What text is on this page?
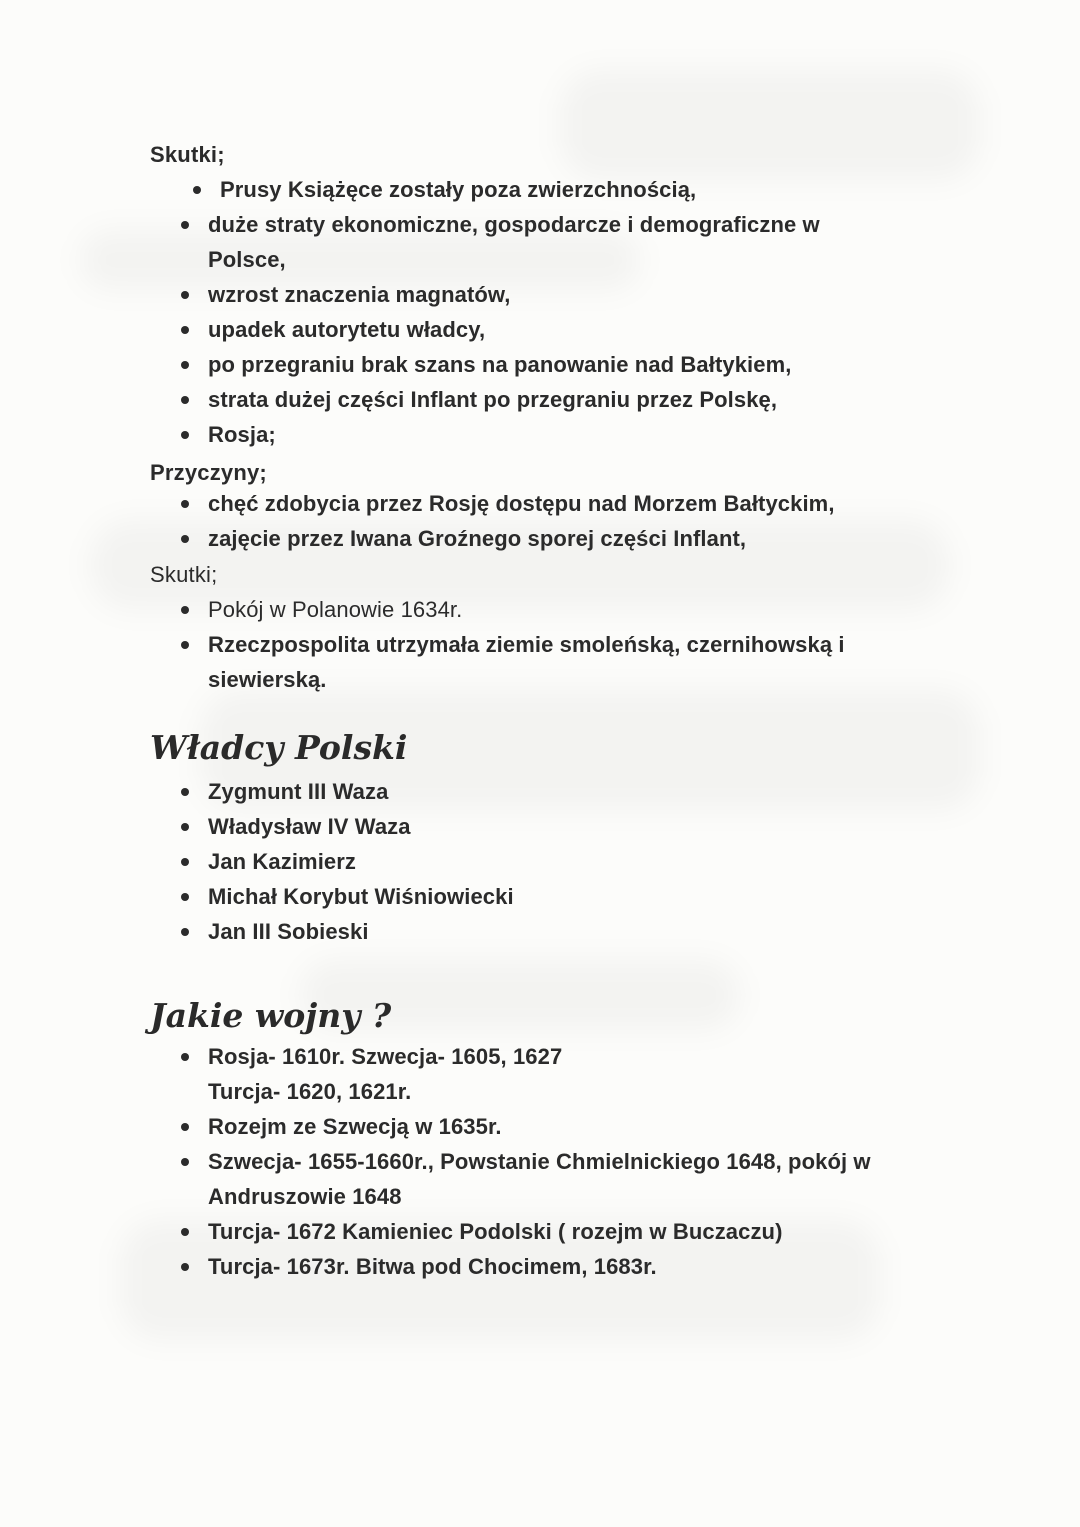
Skutki;
Prusy Książęce zostały poza zwierzchnością,
duże straty ekonomiczne, gospodarcze i demograficzne w Polsce,
wzrost znaczenia magnatów,
upadek autorytetu władcy,
po przegraniu brak szans na panowanie nad Bałtykiem,
strata dużej części Inflant po przegraniu przez Polskę,
Rosja;
Przyczyny;
chęć zdobycia przez Rosję dostępu nad Morzem Bałtyckim,
zajęcie przez Iwana Groźnego sporej części Inflant,
Skutki;
Pokój w Polanowie 1634r.
Rzeczpospolita utrzymała ziemie smoleńską, czernihowską i siewierską.
Władcy Polski
Zygmunt III Waza
Władysław IV Waza
Jan Kazimierz
Michał Korybut Wiśniowiecki
Jan III Sobieski
Jakie wojny ?
Rosja- 1610r. Szwecja- 1605, 1627 Turcja- 1620, 1621r.
Rozejm ze Szwecją w 1635r.
Szwecja- 1655-1660r., Powstanie Chmielnickiego 1648, pokój w Andruszowie 1648
Turcja- 1672 Kamieniec Podolski ( rozejm w Buczaczu)
Turcja- 1673r. Bitwa pod Chocimem, 1683r.
